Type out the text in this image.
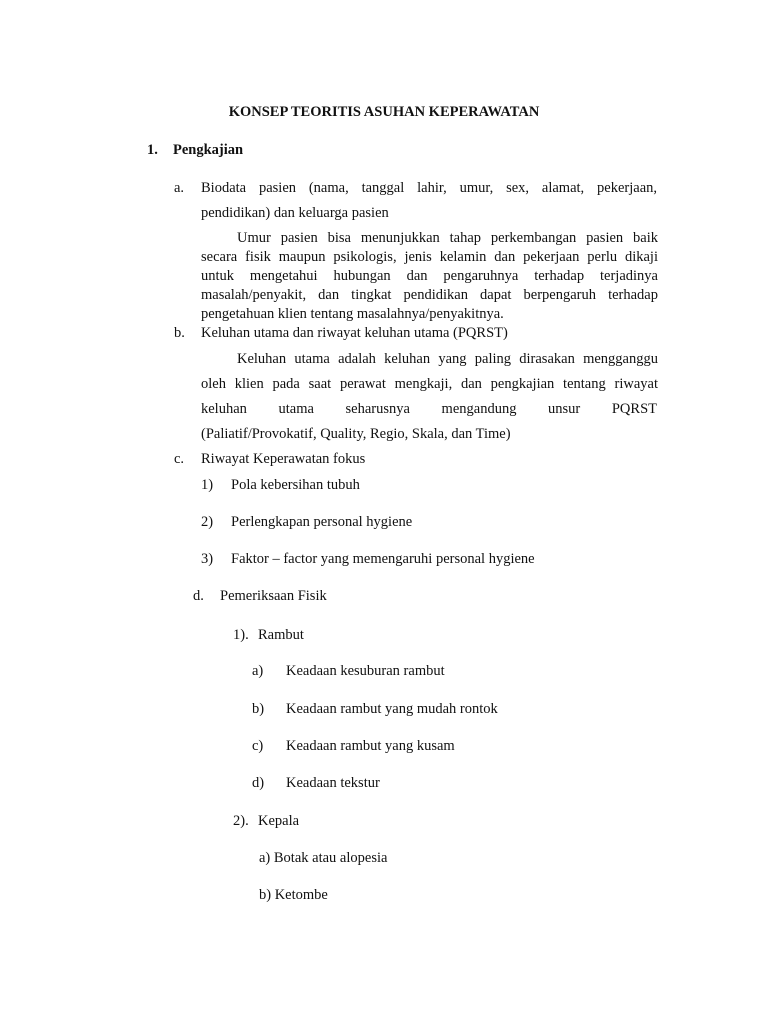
KONSEP TEORITIS ASUHAN KEPERAWATAN
1. Pengkajian
a. Biodata pasien (nama, tanggal lahir, umur, sex, alamat, pekerjaan,
pendidikan) dan keluarga pasien
Umur pasien bisa menunjukkan tahap perkembangan pasien baik
secara fisik maupun psikologis, jenis kelamin dan pekerjaan perlu dikaji
untuk mengetahui hubungan dan pengaruhnya terhadap terjadinya
masalah/penyakit, dan tingkat pendidikan dapat berpengaruh terhadap
pengetahuan klien tentang masalahnya/penyakitnya.
b. Keluhan utama dan riwayat keluhan utama (PQRST)
Keluhan utama adalah keluhan yang paling dirasakan mengganggu
oleh klien pada saat perawat mengkaji, dan pengkajian tentang riwayat
keluhan utama seharusnya mengandung unsur PQRST
(Paliatif/Provokatif, Quality, Regio, Skala, dan Time)
c. Riwayat Keperawatan fokus
1) Pola kebersihan tubuh
2) Perlengkapan personal hygiene
3) Faktor – factor yang memengaruhi personal hygiene
d. Pemeriksaan Fisik
1). Rambut
a) Keadaan kesuburan rambut
b) Keadaan rambut yang mudah rontok
c) Keadaan rambut yang kusam
d) Keadaan tekstur
2). Kepala
a) Botak atau alopesia
b) Ketombe
